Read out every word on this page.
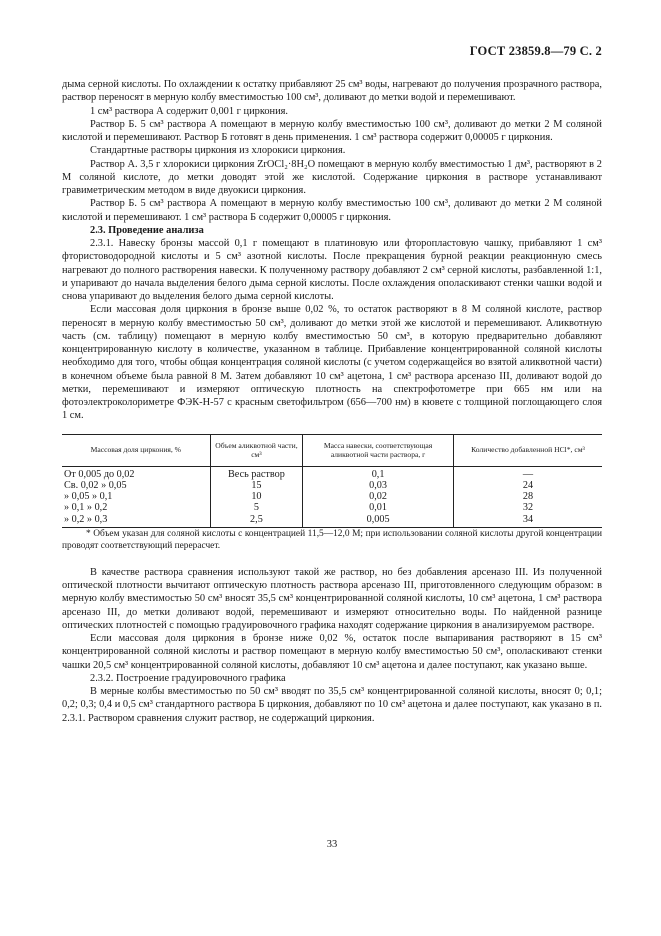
ГОСТ 23859.8—79 С. 2

дыма серной кислоты. По охлаждении к остатку прибавляют 25 см³ воды, нагревают до получения прозрачного раствора, раствор переносят в мерную колбу вместимостью 100 см³, доливают до метки водой и перемешивают.

1 см³ раствора А содержит 0,001 г циркония.

Раствор Б. 5 см³ раствора А помещают в мерную колбу вместимостью 100 см³, доливают до метки 2 М соляной кислотой и перемешивают. Раствор Б готовят в день применения. 1 см³ раствора содержит 0,00005 г циркония.

Стандартные растворы циркония из хлорокиси циркония.

Раствор А. 3,5 г хлорокиси циркония ZrOCl₂·8H₂O помещают в мерную колбу вместимостью 1 дм³, растворяют в 2 М соляной кислоте, до метки доводят этой же кислотой. Содержание циркония в растворе устанавливают гравиметрическим методом в виде двуокиси циркония.

Раствор Б. 5 см³ раствора А помещают в мерную колбу вместимостью 100 см³, доливают до метки 2 М соляной кислотой и перемешивают. 1 см³ раствора Б содержит 0,00005 г циркония.

2.3. Проведение анализа

2.3.1. Навеску бронзы массой 0,1 г помещают в платиновую или фторопластовую чашку, прибавляют 1 см³ фтористоводородной кислоты и 5 см³ азотной кислоты. После прекращения бурной реакции реакционную смесь нагревают до полного растворения навески. К полученному раствору добавляют 2 см³ серной кислоты, разбавленной 1:1, и упаривают до начала выделения белого дыма серной кислоты. После охлаждения ополаскивают стенки чашки водой и снова упаривают до выделения белого дыма серной кислоты.

Если массовая доля циркония в бронзе выше 0,02 %, то остаток растворяют в 8 М соляной кислоте, раствор переносят в мерную колбу вместимостью 50 см³, доливают до метки этой же кислотой и перемешивают. Аликвотную часть (см. таблицу) помещают в мерную колбу вместимостью 50 см³, в которую предварительно добавляют концентрированную кислоту в количестве, указанном в таблице. Прибавление концентрированной соляной кислоты необходимо для того, чтобы общая концентрация соляной кислоты (с учетом содержащейся во взятой аликвотной части) в конечном объеме была равной 8 М. Затем добавляют 10 см³ ацетона, 1 см³ раствора арсеназо III, доливают водой до метки, перемешивают и измеряют оптическую плотность на спектрофотометре при 665 нм или на фотоэлектроколориметре ФЭК-Н-57 с красным светофильтром (656—700 нм) в кювете с толщиной поглощающего слоя 1 см.

Массовая доля циркония, %	Объем аликвотной части, см³	Масса навески, соответствующая аликвотной части раствора, г	Количество добавленной HCl*, см³
От 0,005 до 0,02	Весь раствор	0,1	—
Св. 0,02 » 0,05	15	0,03	24
» 0,05 » 0,1	10	0,02	28
» 0,1 » 0,2	5	0,01	32
» 0,2 » 0,3	2,5	0,005	34

* Объем указан для соляной кислоты с концентрацией 11,5—12,0 М; при использовании соляной кислоты другой концентрации проводят соответствующий перерасчет.

В качестве раствора сравнения используют такой же раствор, но без добавления арсеназо III. Из полученной оптической плотности вычитают оптическую плотность раствора арсеназо III, приготовленного следующим образом: в мерную колбу вместимостью 50 см³ вносят 35,5 см³ концентрированной соляной кислоты, 10 см³ ацетона, 1 см³ раствора арсеназо III, до метки доливают водой, перемешивают и измеряют относительно воды. По найденной разнице оптических плотностей с помощью градуировочного графика находят содержание циркония в анализируемом растворе.

Если массовая доля циркония в бронзе ниже 0,02 %, остаток после выпаривания растворяют в 15 см³ концентрированной соляной кислоты и раствор помещают в мерную колбу вместимостью 50 см³, ополаскивают стенки чашки 20,5 см³ концентрированной соляной кислоты, добавляют 10 см³ ацетона и далее поступают, как указано выше.

2.3.2. Построение градуировочного графика

В мерные колбы вместимостью по 50 см³ вводят по 35,5 см³ концентрированной соляной кислоты, вносят 0; 0,1; 0,2; 0,3; 0,4 и 0,5 см³ стандартного раствора Б циркония, добавляют по 10 см³ ацетона и далее поступают, как указано в п. 2.3.1. Раствором сравнения служит раствор, не содержащий циркония.

33
